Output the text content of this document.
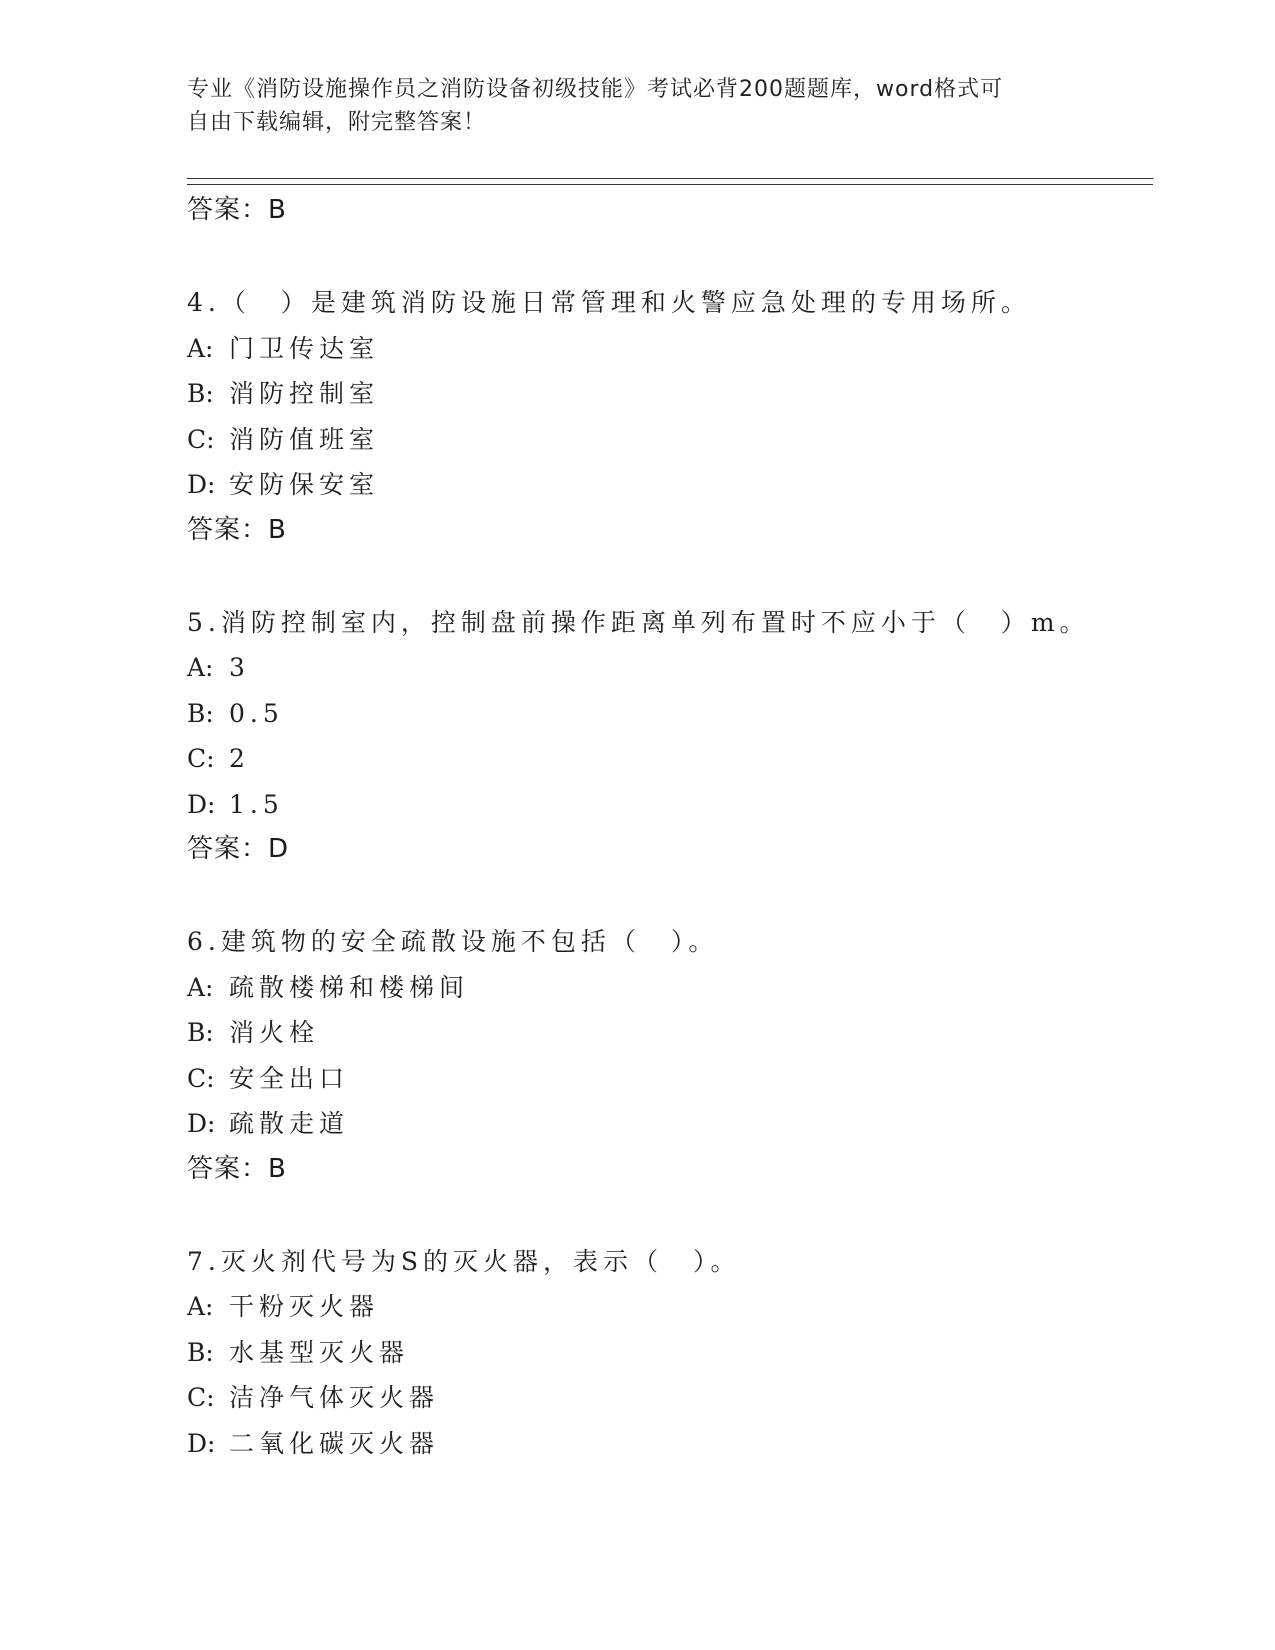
专业《消防设施操作员之消防设备初级技能》考试必背200题题库，word格式可
自由下载编辑，附完整答案！
答案：B
4.（　）是建筑消防设施日常管理和火警应急处理的专用场所。
A: 门卫传达室
B: 消防控制室
C: 消防值班室
D: 安防保安室
答案：B
5.消防控制室内，控制盘前操作距离单列布置时不应小于（　）m。
A: 3
B: 0.5
C: 2
D: 1.5
答案：D
6.建筑物的安全疏散设施不包括（　）。
A: 疏散楼梯和楼梯间
B: 消火栓
C: 安全出口
D: 疏散走道
答案：B
7.灭火剂代号为S的灭火器，表示（　）。
A: 干粉灭火器
B: 水基型灭火器
C: 洁净气体灭火器
D: 二氧化碳灭火器
